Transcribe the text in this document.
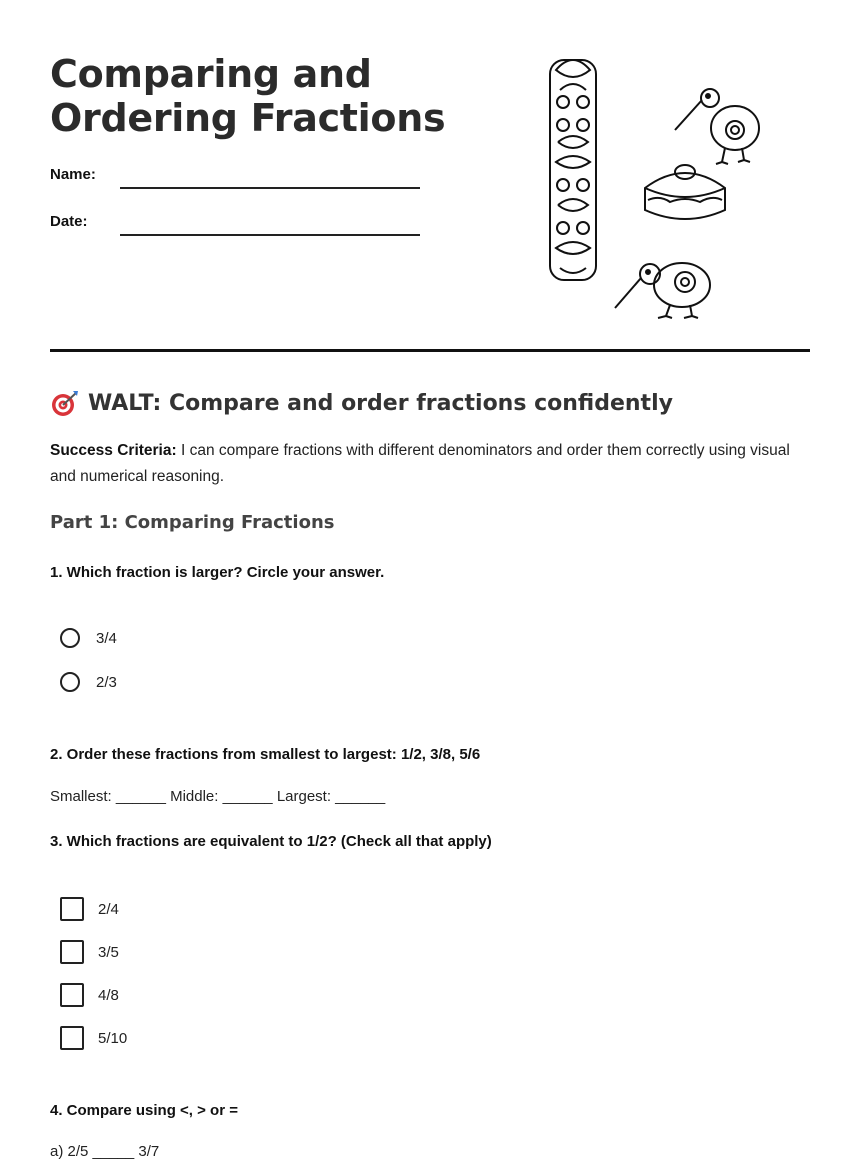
Comparing and
Ordering Fractions
Name:
Date:
WALT: Compare and order fractions confidently
Success Criteria: I can compare fractions with different denominators and order them correctly using visual and numerical reasoning.
Part 1: Comparing Fractions
1. Which fraction is larger? Circle your answer.
3/4
2/3
2. Order these fractions from smallest to largest: 1/2, 3/8, 5/6
Smallest: ______ Middle: ______ Largest: ______
3. Which fractions are equivalent to 1/2? (Check all that apply)
2/4
3/5
4/8
5/10
4. Compare using <, > or =
a) 2/5 _____ 3/7
